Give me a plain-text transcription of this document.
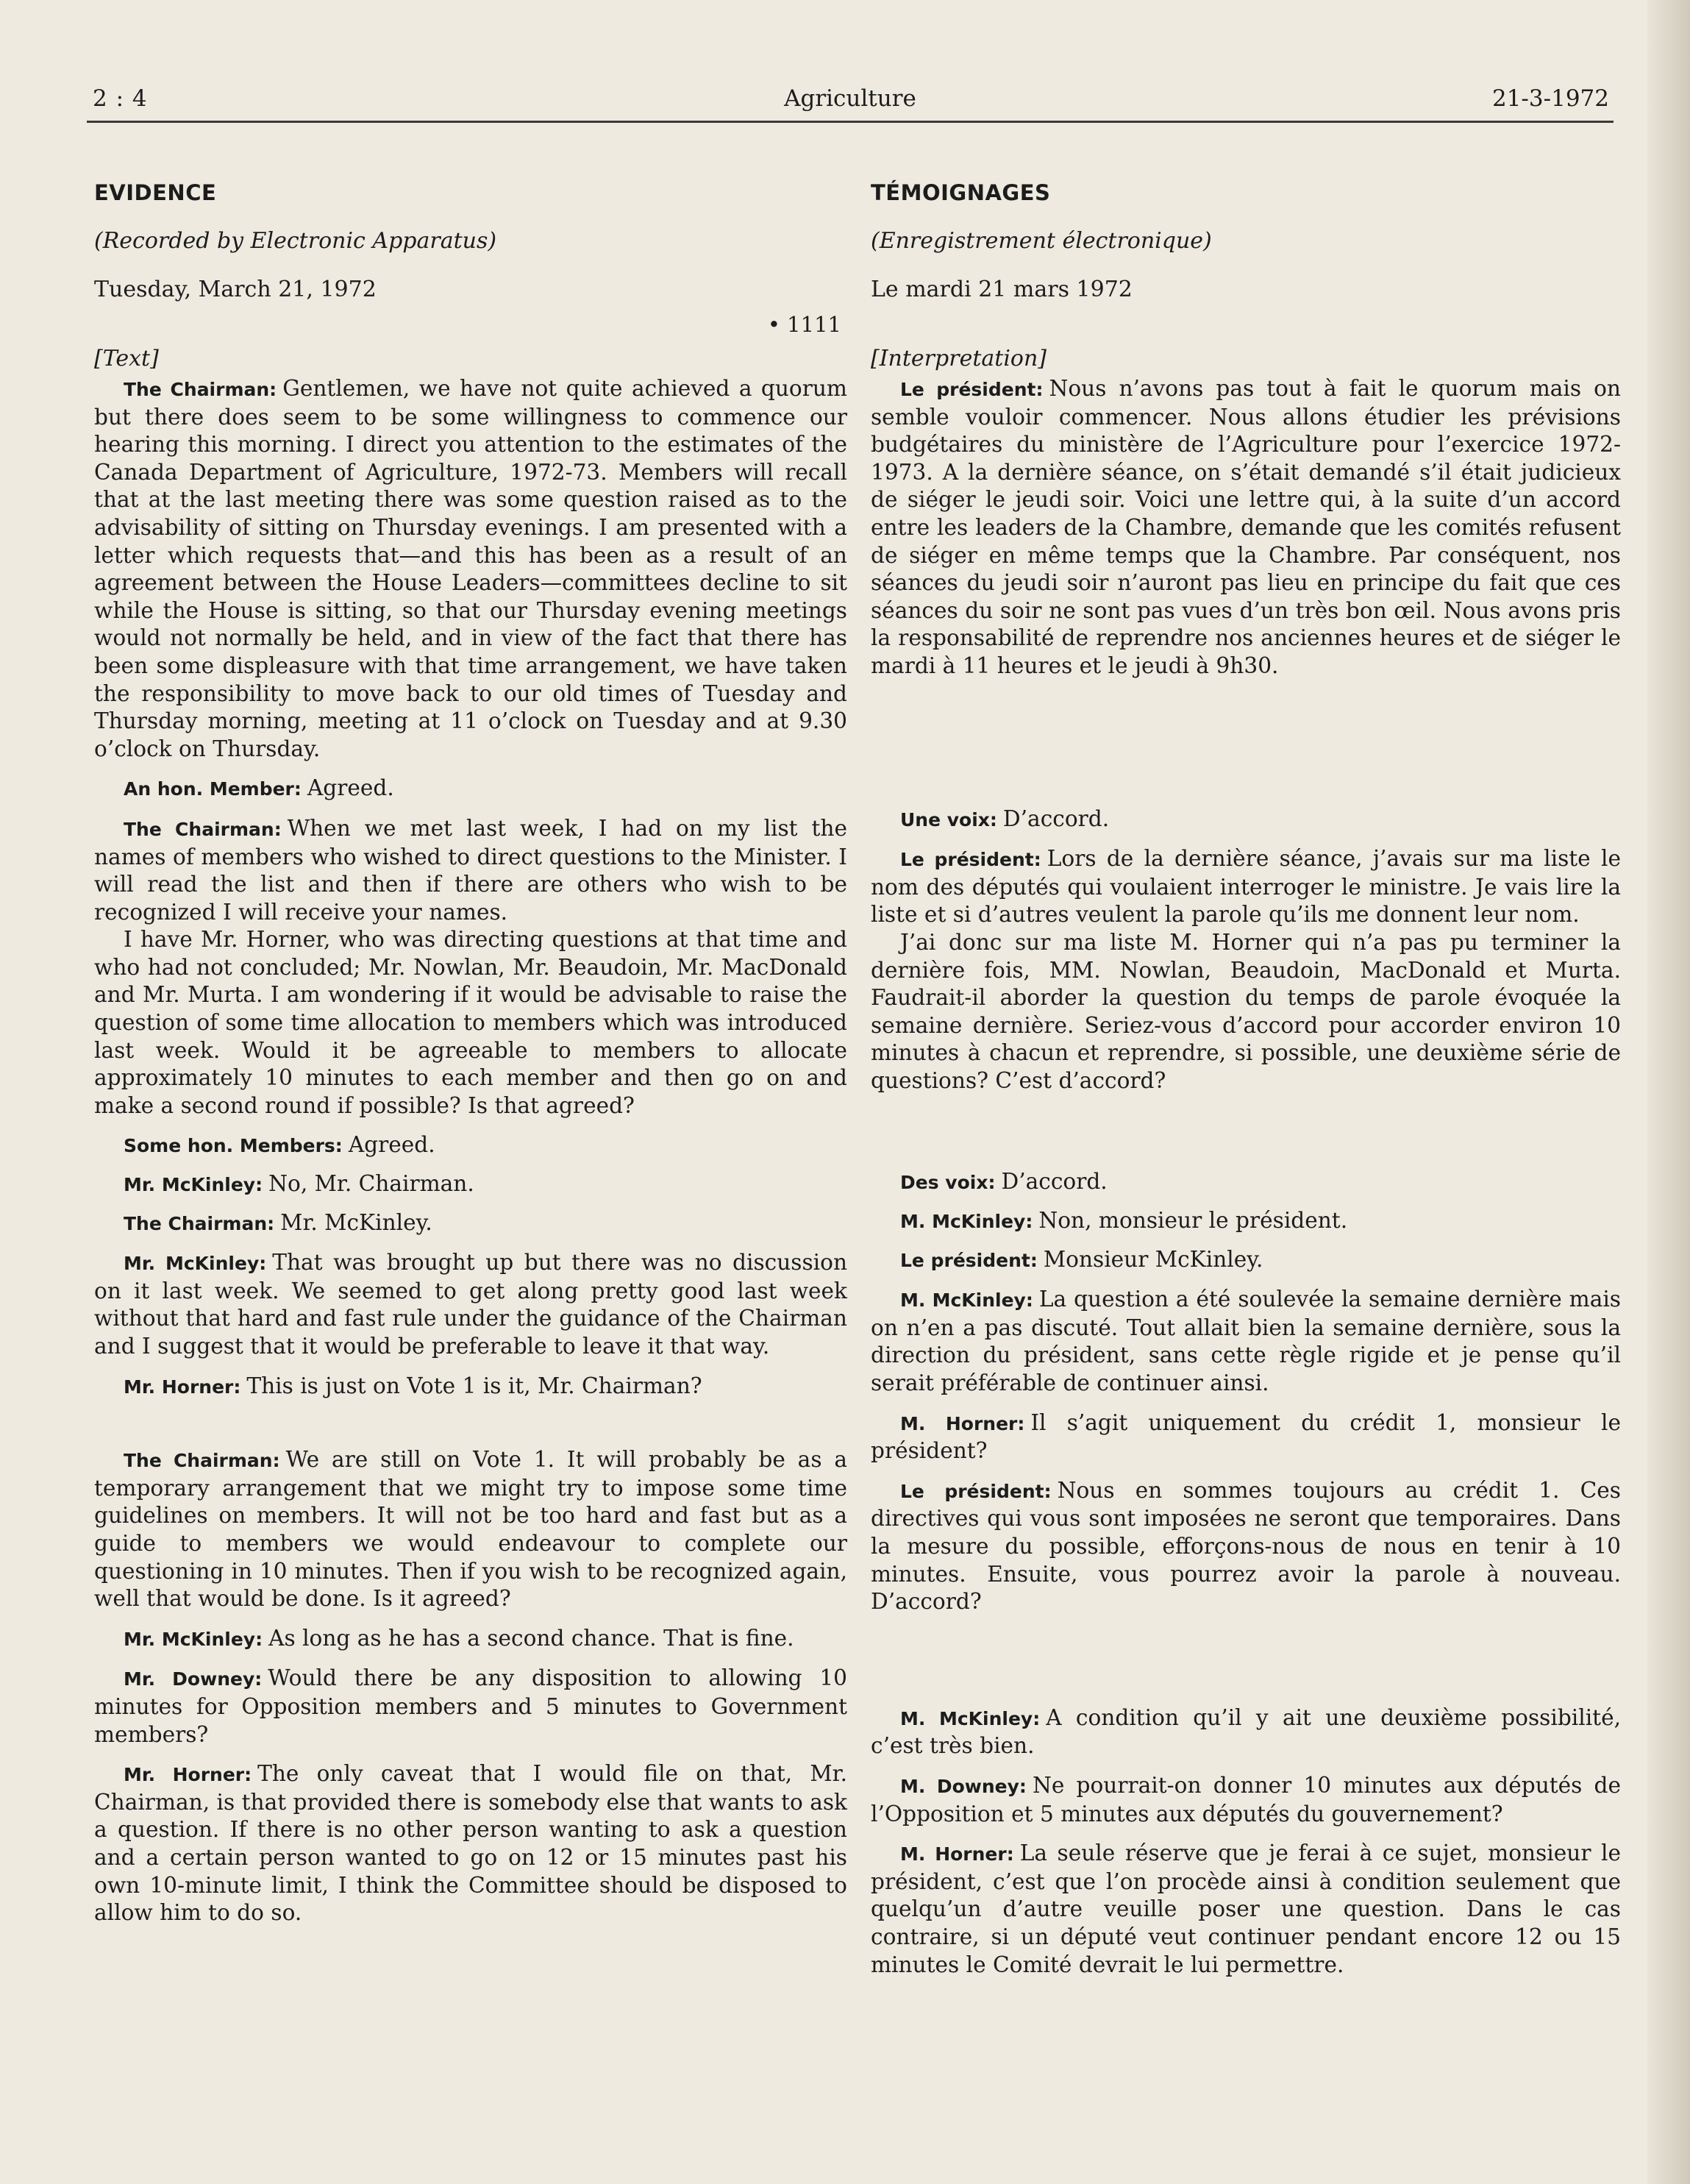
2 : 4	Agriculture	21-3-1972
EVIDENCE
(Recorded by Electronic Apparatus)
Tuesday, March 21, 1972
• 1111
[Text]

The Chairman: Gentlemen, we have not quite achieved a quorum but there does seem to be some willingness to commence our hearing this morning. I direct you attention to the estimates of the Canada Department of Agriculture, 1972-73. Members will recall that at the last meeting there was some question raised as to the advisability of sitting on Thursday evenings. I am presented with a letter which requests that—and this has been as a result of an agreement between the House Leaders—committees decline to sit while the House is sitting, so that our Thursday evening meetings would not normally be held, and in view of the fact that there has been some displeasure with that time arrangement, we have taken the responsibility to move back to our old times of Tuesday and Thursday morning, meeting at 11 o’clock on Tuesday and at 9.30 o’clock on Thursday.

An hon. Member: Agreed.

The Chairman: When we met last week, I had on my list the names of members who wished to direct questions to the Minister. I will read the list and then if there are others who wish to be recognized I will receive your names.

I have Mr. Horner, who was directing questions at that time and who had not concluded; Mr. Nowlan, Mr. Beaudoin, Mr. MacDonald and Mr. Murta. I am wondering if it would be advisable to raise the question of some time allocation to members which was introduced last week. Would it be agreeable to members to allocate approximately 10 minutes to each member and then go on and make a second round if possible? Is that agreed?

Some hon. Members: Agreed.

Mr. McKinley: No, Mr. Chairman.

The Chairman: Mr. McKinley.

Mr. McKinley: That was brought up but there was no discussion on it last week. We seemed to get along pretty good last week without that hard and fast rule under the guidance of the Chairman and I suggest that it would be preferable to leave it that way.

Mr. Horner: This is just on Vote 1 is it, Mr. Chairman?

The Chairman: We are still on Vote 1. It will probably be as a temporary arrangement that we might try to impose some time guidelines on members. It will not be too hard and fast but as a guide to members we would endeavour to complete our questioning in 10 minutes. Then if you wish to be recognized again, well that would be done. Is it agreed?

Mr. McKinley: As long as he has a second chance. That is fine.

Mr. Downey: Would there be any disposition to allowing 10 minutes for Opposition members and 5 minutes to Government members?

Mr. Horner: The only caveat that I would file on that, Mr. Chairman, is that provided there is somebody else that wants to ask a question. If there is no other person wanting to ask a question and a certain person wanted to go on 12 or 15 minutes past his own 10-minute limit, I think the Committee should be disposed to allow him to do so.

TÉMOIGNAGES
(Enregistrement électronique)
Le mardi 21 mars 1972
[Interpretation]

Le président: Nous n’avons pas tout à fait le quorum mais on semble vouloir commencer. Nous allons étudier les prévisions budgétaires du ministère de l’Agriculture pour l’exercice 1972-1973. A la dernière séance, on s’était demandé s’il était judicieux de siéger le jeudi soir. Voici une lettre qui, à la suite d’un accord entre les leaders de la Chambre, demande que les comités refusent de siéger en même temps que la Chambre. Par conséquent, nos séances du jeudi soir n’auront pas lieu en principe du fait que ces séances du soir ne sont pas vues d’un très bon œil. Nous avons pris la responsabilité de reprendre nos anciennes heures et de siéger le mardi à 11 heures et le jeudi à 9h30.

Une voix: D’accord.

Le président: Lors de la dernière séance, j’avais sur ma liste le nom des députés qui voulaient interroger le ministre. Je vais lire la liste et si d’autres veulent la parole qu’ils me donnent leur nom.

J’ai donc sur ma liste M. Horner qui n’a pas pu terminer la dernière fois, MM. Nowlan, Beaudoin, MacDonald et Murta. Faudrait-il aborder la question du temps de parole évoquée la semaine dernière. Seriez-vous d’accord pour accorder environ 10 minutes à chacun et reprendre, si possible, une deuxième série de questions? C’est d’accord?

Des voix: D’accord.

M. McKinley: Non, monsieur le président.

Le président: Monsieur McKinley.

M. McKinley: La question a été soulevée la semaine dernière mais on n’en a pas discuté. Tout allait bien la semaine dernière, sous la direction du président, sans cette règle rigide et je pense qu’il serait préférable de continuer ainsi.

M. Horner: Il s’agit uniquement du crédit 1, monsieur le président?

Le président: Nous en sommes toujours au crédit 1. Ces directives qui vous sont imposées ne seront que temporaires. Dans la mesure du possible, efforçons-nous de nous en tenir à 10 minutes. Ensuite, vous pourrez avoir la parole à nouveau. D’accord?

M. McKinley: A condition qu’il y ait une deuxième possibilité, c’est très bien.

M. Downey: Ne pourrait-on donner 10 minutes aux députés de l’Opposition et 5 minutes aux députés du gouvernement?

M. Horner: La seule réserve que je ferai à ce sujet, monsieur le président, c’est que l’on procède ainsi à condition seulement que quelqu’un d’autre veuille poser une question. Dans le cas contraire, si un député veut continuer pendant encore 12 ou 15 minutes le Comité devrait le lui permettre.
